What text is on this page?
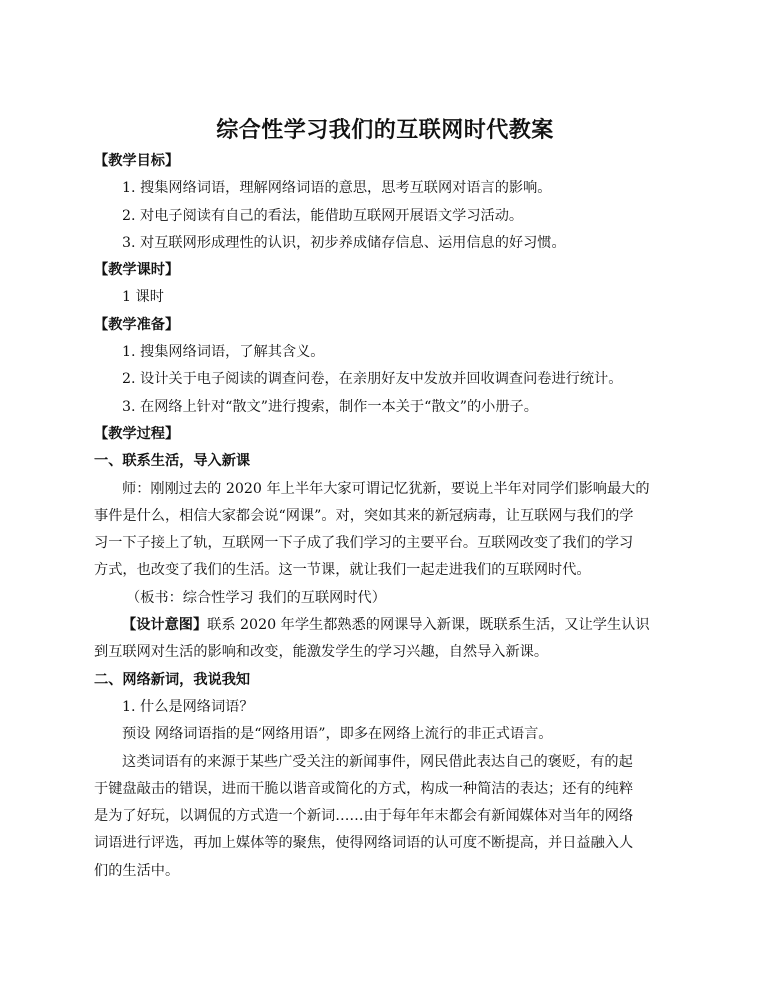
综合性学习我们的互联网时代教案
【教学目标】
1. 搜集网络词语，理解网络词语的意思，思考互联网对语言的影响。
2. 对电子阅读有自己的看法，能借助互联网开展语文学习活动。
3. 对互联网形成理性的认识，初步养成储存信息、运用信息的好习惯。
【教学课时】
1 课时
【教学准备】
1. 搜集网络词语，了解其含义。
2. 设计关于电子阅读的调查问卷，在亲朋好友中发放并回收调查问卷进行统计。
3. 在网络上针对“散文”进行搜索，制作一本关于“散文”的小册子。
【教学过程】
一、联系生活，导入新课
师：刚刚过去的 2020 年上半年大家可谓记忆犹新，要说上半年对同学们影响最大的
事件是什么，相信大家都会说“网课”。对，突如其来的新冠病毒，让互联网与我们的学
习一下子接上了轨，互联网一下子成了我们学习的主要平台。互联网改变了我们的学习
方式，也改变了我们的生活。这一节课，就让我们一起走进我们的互联网时代。
（板书：综合性学习 我们的互联网时代）
【设计意图】联系 2020 年学生都熟悉的网课导入新课，既联系生活，又让学生认识
到互联网对生活的影响和改变，能激发学生的学习兴趣，自然导入新课。
二、网络新词，我说我知
1. 什么是网络词语？
预设 网络词语指的是“网络用语”，即多在网络上流行的非正式语言。
这类词语有的来源于某些广受关注的新闻事件，网民借此表达自己的褒贬，有的起
于键盘敲击的错误，进而干脆以谐音或简化的方式，构成一种简洁的表达；还有的纯粹
是为了好玩，以调侃的方式造一个新词……由于每年年末都会有新闻媒体对当年的网络
词语进行评选，再加上媒体等的聚焦，使得网络词语的认可度不断提高，并日益融入人
们的生活中。
